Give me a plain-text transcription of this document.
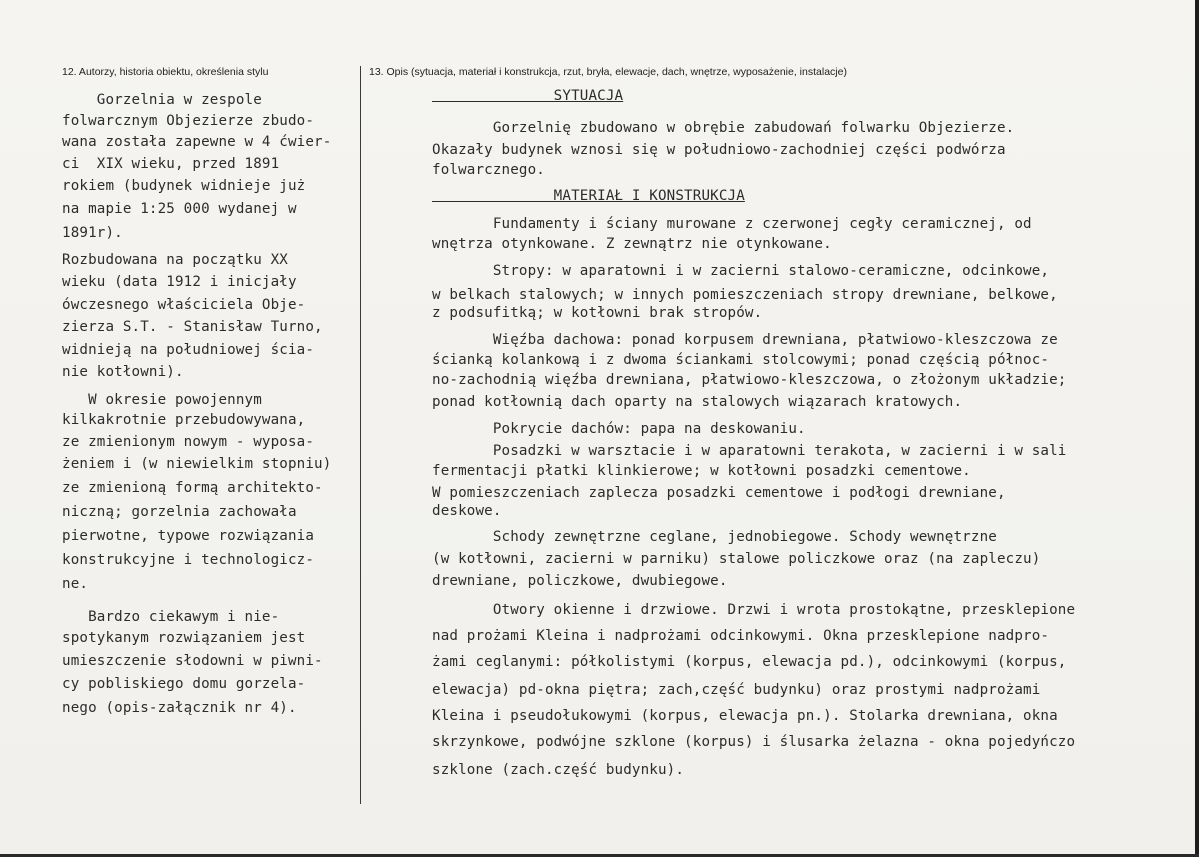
12. Autorzy, historia obiektu, określenia stylu	13. Opis (sytuacja, materiał i konstrukcja, rzut, bryła, elewacje, dach, wnętrze, wyposażenie, instalacje)
Gorzelnia w zespole
folwarcznym Objezierze zbudo-
wana została zapewne w 4 ćwier-
ci  XIX wieku, przed 1891
rokiem (budynek widnieje już
na mapie 1:25 000 wydanej w
1891r).
Rozbudowana na początku XX
wieku (data 1912 i inicjały
ówczesnego właściciela Obje-
zierza S.T. - Stanisław Turno,
widnieją na południowej ścia-
nie kotłowni).
W okresie powojennym
kilkakrotnie przebudowywana,
ze zmienionym nowym - wyposa-
żeniem i (w niewielkim stopniu)
ze zmienioną formą architekto-
niczną; gorzelnia zachowała
pierwotne, typowe rozwiązania
konstrukcyjne i technologicz-
ne.
Bardzo ciekawym i nie-
spotykanym rozwiązaniem jest
umieszczenie słodowni w piwni-
cy pobliskiego domu gorzela-
nego (opis-załącznik nr 4).
SYTUACJA
Gorzelnię zbudowano w obrębie zabudowań folwarku Objezierze.
Okazały budynek wznosi się w południowo-zachodniej części podwórza
folwarcznego.
MATERIAŁ I KONSTRUKCJA
Fundamenty i ściany murowane z czerwonej cegły ceramicznej, od
wnętrza otynkowane. Z zewnątrz nie otynkowane.
Stropy: w aparatowni i w zacierni stalowo-ceramiczne, odcinkowe,
w belkach stalowych; w innych pomieszczeniach stropy drewniane, belkowe,
z podsufitką; w kotłowni brak stropów.
Więźba dachowa: ponad korpusem drewniana, płatwiowo-kleszczowa ze
ścianką kolankową i z dwoma ściankami stolcowymi; ponad częścią północ-
no-zachodnią więźba drewniana, płatwiowo-kleszczowa, o złożonym układzie;
ponad kotłownią dach oparty na stalowych wiązarach kratowych.
Pokrycie dachów: papa na deskowaniu.
Posadzki w warsztacie i w aparatowni terakota, w zacierni i w sali
fermentacji płatki klinkierowe; w kotłowni posadzki cementowe.
W pomieszczeniach zaplecza posadzki cementowe i podłogi drewniane,
deskowe.
Schody zewnętrzne ceglane, jednobiegowe. Schody wewnętrzne
(w kotłowni, zacierni w parniku) stalowe policzkowe oraz (na zapleczu)
drewniane, policzkowe, dwubiegowe.
Otwory okienne i drzwiowe. Drzwi i wrota prostokątne, przesklepione
nad prożami Kleina i nadprożami odcinkowymi. Okna przesklepione nadpro-
żami ceglanymi: półkolistymi (korpus, elewacja pd.), odcinkowymi (korpus,
elewacja) pd-okna piętra; zach,część budynku) oraz prostymi nadprożami
Kleina i pseudołukowymi (korpus, elewacja pn.). Stolarka drewniana, okna
skrzynkowe, podwójne szklone (korpus) i ślusarka żelazna - okna pojedyńczo
szklone (zach.część budynku).
